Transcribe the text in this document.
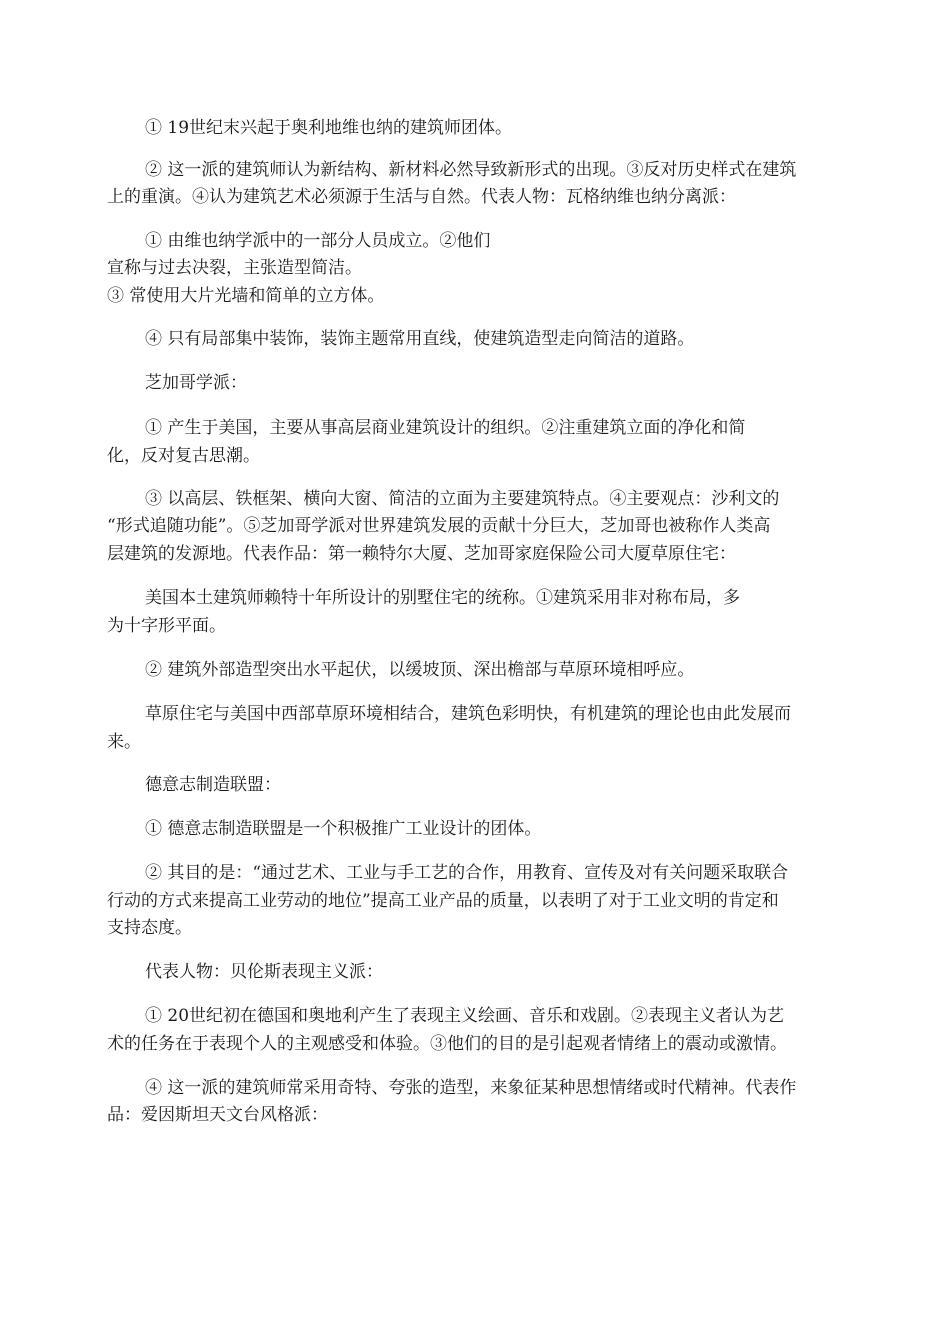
① 19世纪末兴起于奥利地维也纳的建筑师团体。
② 这一派的建筑师认为新结构、新材料必然导致新形式的出现。③反对历史样式在建筑
上的重演。④认为建筑艺术必须源于生活与自然。代表人物：瓦格纳维也纳分离派：
① 由维也纳学派中的一部分人员成立。②他们
宣称与过去决裂，主张造型简洁。
③ 常使用大片光墙和简单的立方体。
④ 只有局部集中装饰，装饰主题常用直线，使建筑造型走向简洁的道路。
芝加哥学派：
① 产生于美国，主要从事高层商业建筑设计的组织。②注重建筑立面的净化和简
化，反对复古思潮。
③ 以高层、铁框架、横向大窗、简洁的立面为主要建筑特点。④主要观点：沙利文的
“形式追随功能”。⑤芝加哥学派对世界建筑发展的贡献十分巨大，芝加哥也被称作人类高
层建筑的发源地。代表作品：第一赖特尔大厦、芝加哥家庭保险公司大厦草原住宅：
美国本土建筑师赖特十年所设计的别墅住宅的统称。①建筑采用非对称布局，多
为十字形平面。
② 建筑外部造型突出水平起伏，以缓坡顶、深出檐部与草原环境相呼应。
草原住宅与美国中西部草原环境相结合，建筑色彩明快，有机建筑的理论也由此发展而
来。
德意志制造联盟：
① 德意志制造联盟是一个积极推广工业设计的团体。
② 其目的是：“通过艺术、工业与手工艺的合作，用教育、宣传及对有关问题采取联合
行动的方式来提高工业劳动的地位”提高工业产品的质量，以表明了对于工业文明的肯定和
支持态度。
代表人物：贝伦斯表现主义派：
① 20世纪初在德国和奥地利产生了表现主义绘画、音乐和戏剧。②表现主义者认为艺
术的任务在于表现个人的主观感受和体验。③他们的目的是引起观者情绪上的震动或激情。
④ 这一派的建筑师常采用奇特、夸张的造型，来象征某种思想情绪或时代精神。代表作
品：爱因斯坦天文台风格派：
